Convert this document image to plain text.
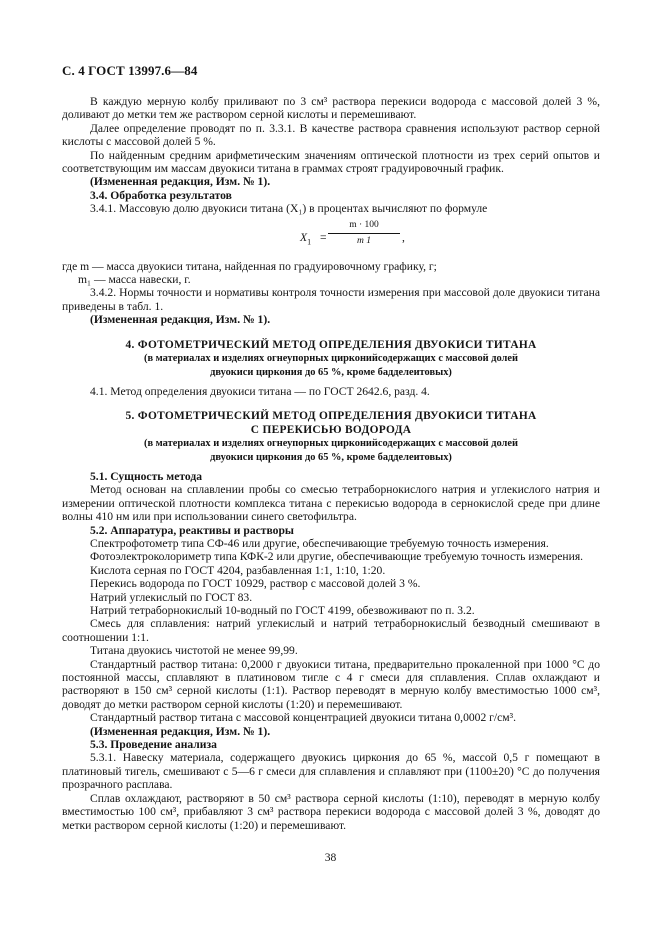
С. 4 ГОСТ 13997.6—84

В каждую мерную колбу приливают по 3 см³ раствора перекиси водорода с массовой долей 3 %, доливают до метки тем же раствором серной кислоты и перемешивают.

Далее определение проводят по п. 3.3.1. В качестве раствора сравнения используют раствор серной кислоты с массовой долей 5 %.

По найденным средним арифметическим значениям оптической плотности из трех серий опытов и соответствующим им массам двуокиси титана в граммах строят градуировочный график.

(Измененная редакция, Изм. № 1).

3.4. Обработка результатов

3.4.1. Массовую долю двуокиси титана (X₁) в процентах вычисляют по формуле

$X_1 = \frac{m \cdot 100}{m 1}$ ,

где m — масса двуокиси титана, найденная по градуировочному графику, г;

m₁ — масса навески, г.

3.4.2. Нормы точности и нормативы контроля точности измерения при массовой доле двуокиси титана приведены в табл. 1.

(Измененная редакция, Изм. № 1).

4. ФОТОМЕТРИЧЕСКИЙ МЕТОД ОПРЕДЕЛЕНИЯ ДВУОКИСИ ТИТАНА
(в материалах и изделиях огнеупорных цирконийсодержащих с массовой долей
двуокиси циркония до 65 %, кроме бадделеитовых)

4.1. Метод определения двуокиси титана — по ГОСТ 2642.6, разд. 4.

5. ФОТОМЕТРИЧЕСКИЙ МЕТОД ОПРЕДЕЛЕНИЯ ДВУОКИСИ ТИТАНА
С ПЕРЕКИСЬЮ ВОДОРОДА
(в материалах и изделиях огнеупорных цирконийсодержащих с массовой долей
двуокиси циркония до 65 %, кроме бадделеитовых)

5.1. Сущность метода

Метод основан на сплавлении пробы со смесью тетраборнокислого натрия и углекислого натрия и измерении оптической плотности комплекса титана с перекисью водорода в сернокислой среде при длине волны 410 нм или при использовании синего светофильтра.

5.2. Аппаратура, реактивы и растворы

Спектрофотометр типа СФ-46 или другие, обеспечивающие требуемую точность измерения.

Фотоэлектроколориметр типа КФК-2 или другие, обеспечивающие требуемую точность измерения.

Кислота серная по ГОСТ 4204, разбавленная 1:1, 1:10, 1:20.

Перекись водорода по ГОСТ 10929, раствор с массовой долей 3 %.

Натрий углекислый по ГОСТ 83.

Натрий тетраборнокислый 10-водный по ГОСТ 4199, обезвоживают по п. 3.2.

Смесь для сплавления: натрий углекислый и натрий тетраборнокислый безводный смешивают в соотношении 1:1.

Титана двуокись чистотой не менее 99,99.

Стандартный раствор титана: 0,2000 г двуокиси титана, предварительно прокаленной при 1000 °С до постоянной массы, сплавляют в платиновом тигле с 4 г смеси для сплавления. Сплав охлаждают и растворяют в 150 см³ серной кислоты (1:1). Раствор переводят в мерную колбу вместимостью 1000 см³, доводят до метки раствором серной кислоты (1:20) и перемешивают.

Стандартный раствор титана с массовой концентрацией двуокиси титана 0,0002 г/см³.

(Измененная редакция, Изм. № 1).

5.3. Проведение анализа

5.3.1. Навеску материала, содержащего двуокись циркония до 65 %, массой 0,5 г помещают в платиновый тигель, смешивают с 5—6 г смеси для сплавления и сплавляют при (1100±20) °С до получения прозрачного расплава.

Сплав охлаждают, растворяют в 50 см³ раствора серной кислоты (1:10), переводят в мерную колбу вместимостью 100 см³, прибавляют 3 см³ раствора перекиси водорода с массовой долей 3 %, доводят до метки раствором серной кислоты (1:20) и перемешивают.

38
